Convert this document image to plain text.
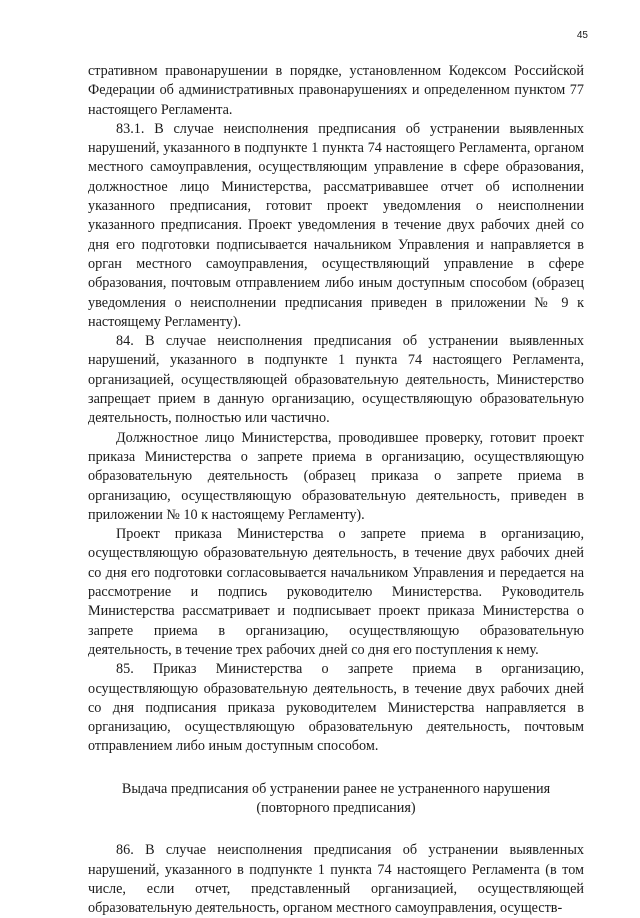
45

стративном правонарушении в порядке, установленном Кодексом Российской Федерации об административных правонарушениях и определенном пунктом 77 настоящего Регламента.

83.1. В случае неисполнения предписания об устранении выявленных нарушений, указанного в подпункте 1 пункта 74 настоящего Регламента, органом местного самоуправления, осуществляющим управление в сфере образования, должностное лицо Министерства, рассматривавшее отчет об исполнении указанного предписания, готовит проект уведомления о неисполнении указанного предписания. Проект уведомления в течение двух рабочих дней со дня его подготовки подписывается начальником Управления и направляется в орган местного самоуправления, осуществляющий управление в сфере образования, почтовым отправлением либо иным доступным способом (образец уведомления о неисполнении предписания приведен в приложении № 9 к настоящему Регламенту).

84. В случае неисполнения предписания об устранении выявленных нарушений, указанного в подпункте 1 пункта 74 настоящего Регламента, организацией, осуществляющей образовательную деятельность, Министерство запрещает прием в данную организацию, осуществляющую образовательную деятельность, полностью или частично.

Должностное лицо Министерства, проводившее проверку, готовит проект приказа Министерства о запрете приема в организацию, осуществляющую образовательную деятельность (образец приказа о запрете приема в организацию, осуществляющую образовательную деятельность, приведен в приложении № 10 к настоящему Регламенту).

Проект приказа Министерства о запрете приема в организацию, осуществляющую образовательную деятельность, в течение двух рабочих дней со дня его подготовки согласовывается начальником Управления и передается на рассмотрение и подпись руководителю Министерства. Руководитель Министерства рассматривает и подписывает проект приказа Министерства о запрете приема в организацию, осуществляющую образовательную деятельность, в течение трех рабочих дней со дня его поступления к нему.

85. Приказ Министерства о запрете приема в организацию, осуществляющую образовательную деятельность, в течение двух рабочих дней со дня подписания приказа руководителем Министерства направляется в организацию, осуществляющую образовательную деятельность, почтовым отправлением либо иным доступным способом.

Выдача предписания об устранении ранее не устраненного нарушения
(повторного предписания)

86. В случае неисполнения предписания об устранении выявленных нарушений, указанного в подпункте 1 пункта 74 настоящего Регламента (в том числе, если отчет, представленный организацией, осуществляющей образовательную деятельность, органом местного самоуправления, осуществ-
